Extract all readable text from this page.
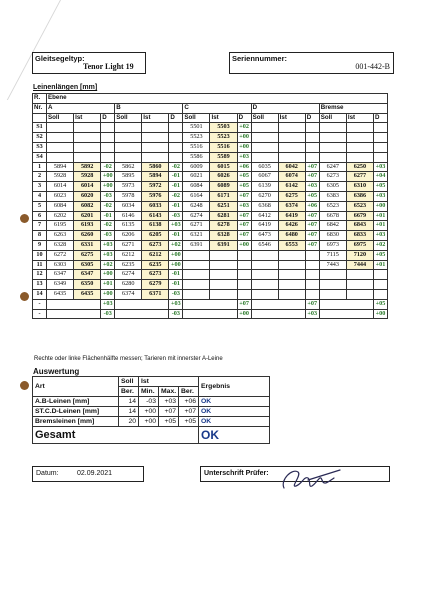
Gleitsegeltyp:
Tenor Light 19
Seriennummer:
001-442-B
Leinenlängen [mm]
R.	Ebene														
Nr.	A			B			C			D			Bremse		
	Soll	Ist	D	Soll	Ist	D	Soll	Ist	D	Soll	Ist	D	Soll	Ist	D
S1							5501	5503	+02						
S2							5523	5523	+00						
S3							5516	5516	+00						
S4							5586	5589	+03						
1	5894	5892	-02	5862	5860	-02	6009	6015	+06	6035	6042	+07	6247	6250	+03
2	5928	5928	+00	5895	5894	-01	6021	6026	+05	6067	6074	+07	6273	6277	+04
3	6014	6014	+00	5973	5972	-01	6084	6089	+05	6139	6142	+03	6305	6310	+05
4	6023	6020	-03	5978	5976	-02	6164	6171	+07	6270	6275	+05	6383	6386	+03
5	6084	6082	-02	6034	6033	-01	6248	6251	+03	6368	6374	+06	6523	6523	+00
6	6202	6201	-01	6146	6143	-03	6274	6281	+07	6412	6419	+07	6678	6679	+01
7	6195	6193	-02	6135	6138	+03	6271	6278	+07	6419	6426	+07	6842	6843	+01
8	6263	6260	-03	6206	6205	-01	6321	6328	+07	6473	6480	+07	6830	6833	+03
9	6328	6331	+03	6271	6273	+02	6391	6391	+00	6546	6553	+07	6973	6975	+02
10	6272	6275	+03	6212	6212	+00							7115	7120	+05
11	6303	6305	+02	6235	6235	+00							7443	7444	+01
12	6347	6347	+00	6274	6273	-01									
13	6349	6350	+01	6280	6279	-01									
14	6435	6435	+00	6374	6371	-03									
-			+03			+03			+07			+07			+05
-			-03			-03			+00			+03			+00
Rechte oder linke Flächenhälfte messen; Tarieren mit innerster A-Leine
Auswertung
Art	Soll	Ist			Ergebnis
	Ber.	Min.	Max.	Ber.	
A.B-Leinen [mm]	14	-03	+03	+06	OK
ST.C.D-Leinen [mm]	14	+00	+07	+07	OK
Bremsleinen [mm]	20	+00	+05	+05	OK
Gesamt					OK
Datum:	02.09.2021	Unterschrift Prüfer:
